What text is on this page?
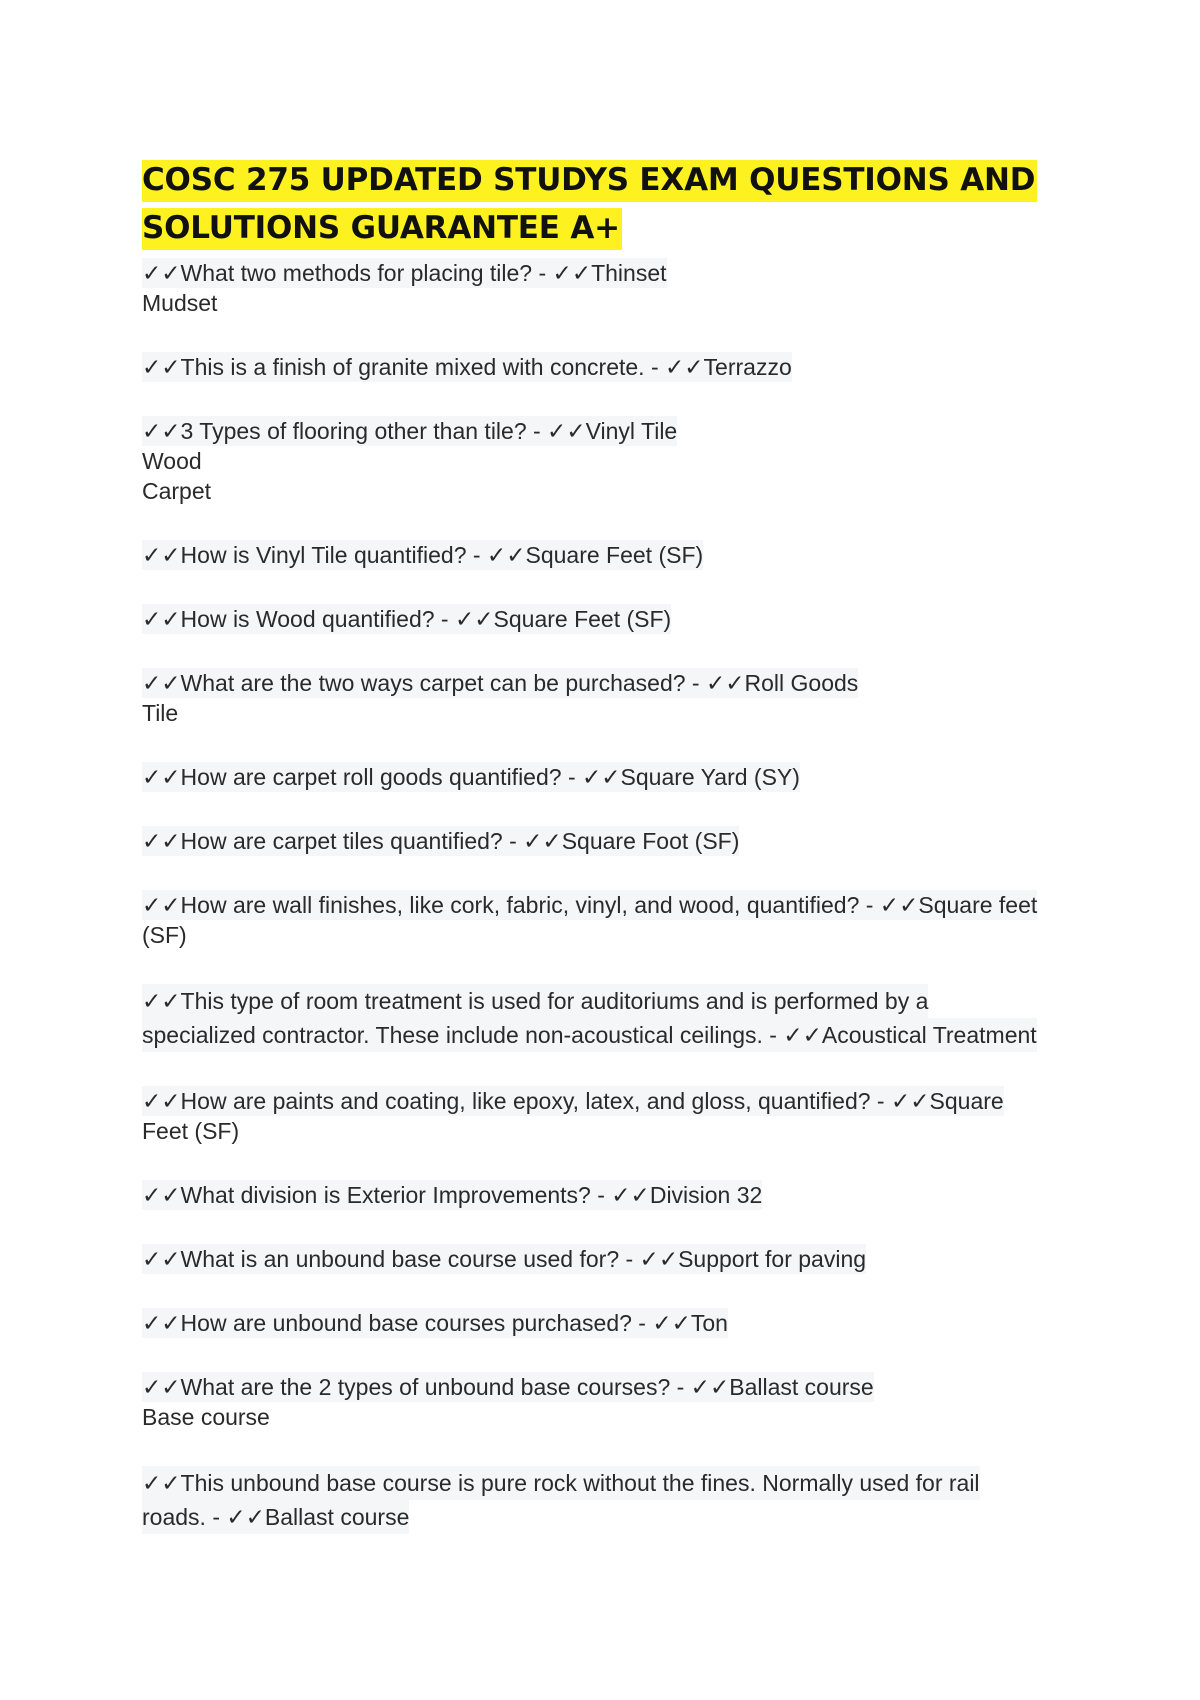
COSC 275 UPDATED STUDYS EXAM QUESTIONS AND
SOLUTIONS GUARANTEE A+
✓✓What two methods for placing tile? - ✓✓Thinset
Mudset
✓✓This is a finish of granite mixed with concrete. - ✓✓Terrazzo
✓✓3 Types of flooring other than tile? - ✓✓Vinyl Tile
Wood
Carpet
✓✓How is Vinyl Tile quantified? - ✓✓Square Feet (SF)
✓✓How is Wood quantified? - ✓✓Square Feet (SF)
✓✓What are the two ways carpet can be purchased? - ✓✓Roll Goods
Tile
✓✓How are carpet roll goods quantified? - ✓✓Square Yard (SY)
✓✓How are carpet tiles quantified? - ✓✓Square Foot (SF)
✓✓How are wall finishes, like cork, fabric, vinyl, and wood, quantified? - ✓✓Square feet
(SF)
✓✓This type of room treatment is used for auditoriums and is performed by a
specialized contractor. These include non-acoustical ceilings. - ✓✓Acoustical Treatment
✓✓How are paints and coating, like epoxy, latex, and gloss, quantified? - ✓✓Square
Feet (SF)
✓✓What division is Exterior Improvements? - ✓✓Division 32
✓✓What is an unbound base course used for? - ✓✓Support for paving
✓✓How are unbound base courses purchased? - ✓✓Ton
✓✓What are the 2 types of unbound base courses? - ✓✓Ballast course
Base course
✓✓This unbound base course is pure rock without the fines. Normally used for rail
roads. - ✓✓Ballast course
